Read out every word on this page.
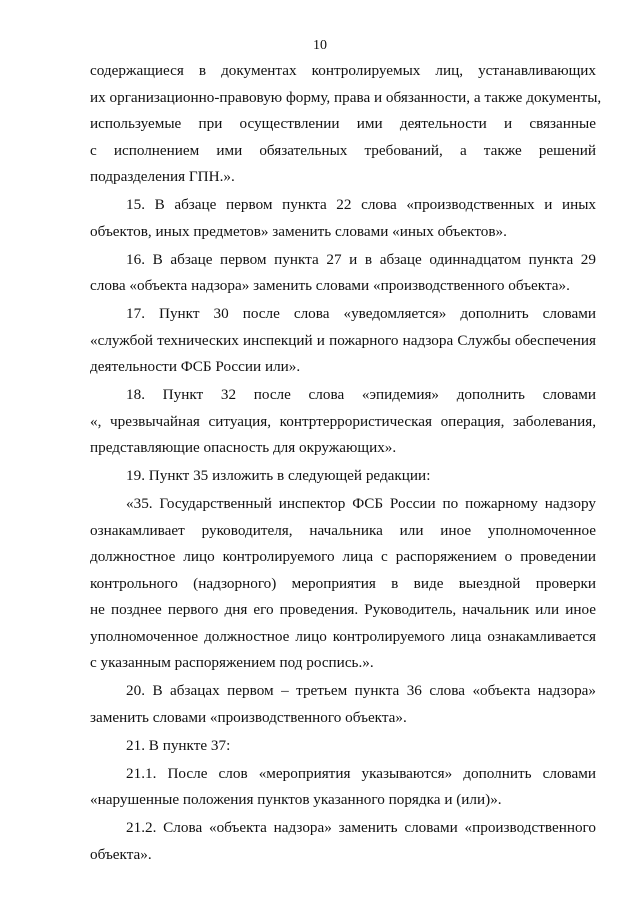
10
содержащиеся в документах контролируемых лиц, устанавливающих
их организационно-правовую форму, права и обязанности, а также документы,
используемые при осуществлении ими деятельности и связанные
с исполнением ими обязательных требований, а также решений
подразделения ГПН.».
15. В абзаце первом пункта 22 слова «производственных и иных
объектов, иных предметов» заменить словами «иных объектов».
16. В абзаце первом пункта 27 и в абзаце одиннадцатом пункта 29
слова «объекта надзора» заменить словами «производственного объекта».
17. Пункт 30 после слова «уведомляется» дополнить словами
«службой технических инспекций и пожарного надзора Службы обеспечения
деятельности ФСБ России или».
18. Пункт 32 после слова «эпидемия» дополнить словами
«, чрезвычайная ситуация, контртеррористическая операция, заболевания,
представляющие опасность для окружающих».
19. Пункт 35 изложить в следующей редакции:
«35. Государственный инспектор ФСБ России по пожарному надзору
ознакамливает руководителя, начальника или иное уполномоченное
должностное лицо контролируемого лица с распоряжением о проведении
контрольного (надзорного) мероприятия в виде выездной проверки
не позднее первого дня его проведения. Руководитель, начальник или иное
уполномоченное должностное лицо контролируемого лица ознакамливается
с указанным распоряжением под роспись.».
20. В абзацах первом – третьем пункта 36 слова «объекта надзора»
заменить словами «производственного объекта».
21. В пункте 37:
21.1. После слов «мероприятия указываются» дополнить словами
«нарушенные положения пунктов указанного порядка и (или)».
21.2. Слова «объекта надзора» заменить словами «производственного
объекта».
